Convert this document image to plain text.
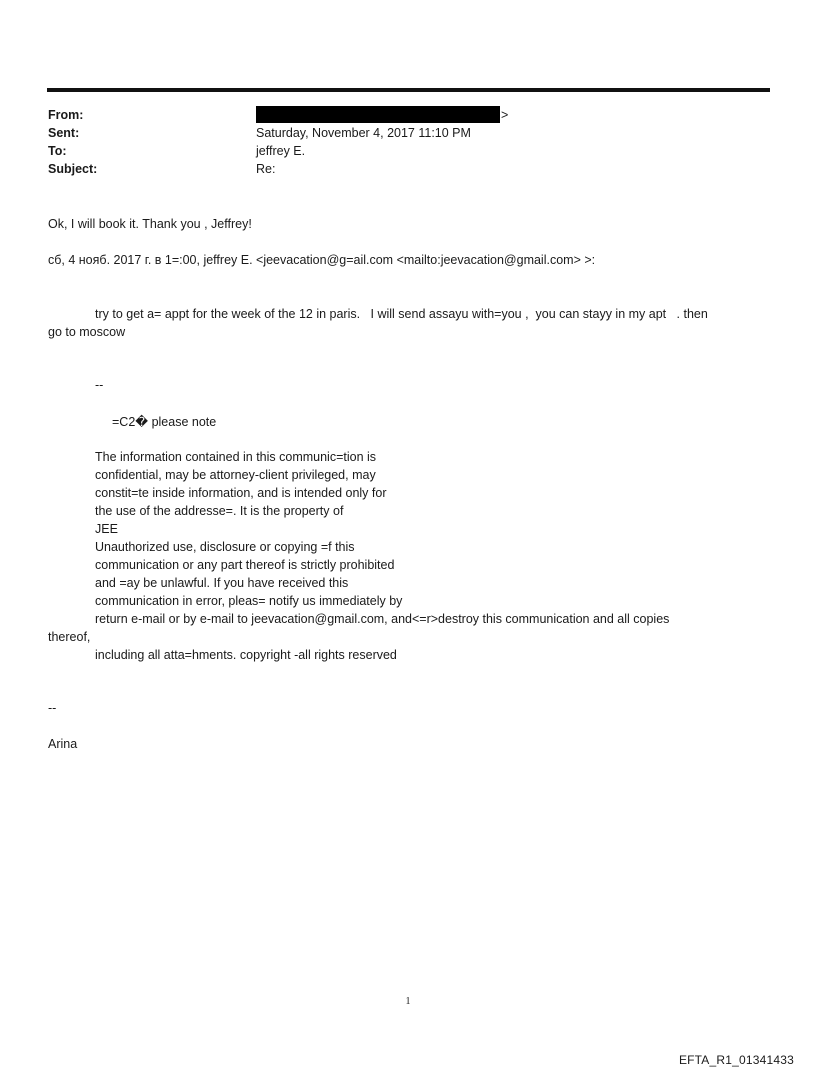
From:	>
Sent:	Saturday, November 4, 2017 11:10 PM
To:	jeffrey E.
Subject:	Re:
Ok, I will book it. Thank you , Jeffrey!
сб, 4 нояб. 2017 г. в 1=:00, jeffrey E. <jeevacation@g=ail.com <mailto:jeevacation@gmail.com> >:
try to get a= appt for the week of the 12 in paris.   I will send assayu with=you ,  you can stayy in my apt   . then
go to moscow
--
=C2� please note
The information contained in this communic=tion is
confidential, may be attorney-client privileged, may
constit=te inside information, and is intended only for
the use of the addresse=. It is the property of
JEE
Unauthorized use, disclosure or copying =f this
communication or any part thereof is strictly prohibited
and =ay be unlawful. If you have received this
communication in error, pleas= notify us immediately by
return e-mail or by e-mail to jeevacation@gmail.com, and<=r>destroy this communication and all copies
thereof,
including all atta=hments. copyright -all rights reserved
--
Arina
1
EFTA_R1_01341433
